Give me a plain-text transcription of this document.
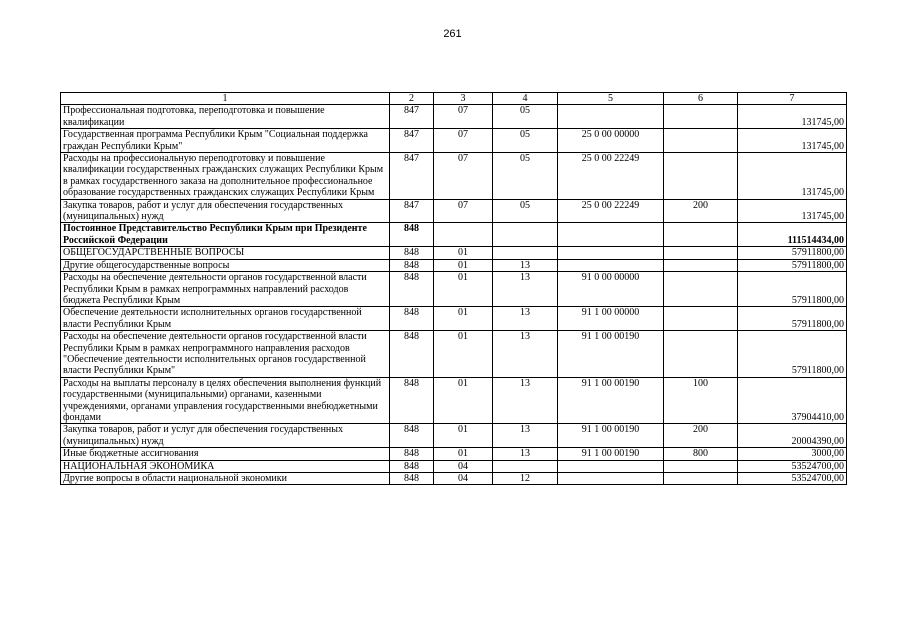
261
1	2	3	4	5	6	7
Профессиональная подготовка, переподготовка и повышение квалификации	847	07	05			131745,00
Государственная программа Республики Крым "Социальная поддержка граждан Республики Крым"	847	07	05	25 0 00 00000		131745,00
Расходы на профессиональную переподготовку и повышение квалификации государственных гражданских служащих Республики Крым в рамках государственного заказа на дополнительное профессиональное образование государственных гражданских служащих Республики Крым	847	07	05	25 0 00 22249		131745,00
Закупка товаров, работ и услуг для обеспечения государственных (муниципальных) нужд	847	07	05	25 0 00 22249	200	131745,00
Постоянное Представительство Республики Крым при Президенте Российской Федерации	848					111514434,00
ОБЩЕГОСУДАРСТВЕННЫЕ ВОПРОСЫ	848	01				57911800,00
Другие общегосударственные вопросы	848	01	13			57911800,00
Расходы на обеспечение деятельности органов государственной власти Республики Крым в рамках непрограммных направлений расходов бюджета Республики Крым	848	01	13	91 0 00 00000		57911800,00
Обеспечение деятельности исполнительных органов государственной власти Республики Крым	848	01	13	91 1 00 00000		57911800,00
Расходы на обеспечение деятельности органов государственной власти Республики Крым в рамках непрограммного направления расходов "Обеспечение деятельности исполнительных органов государственной власти Республики Крым"	848	01	13	91 1 00 00190		57911800,00
Расходы на выплаты персоналу в целях обеспечения выполнения функций государственными (муниципальными) органами, казенными учреждениями, органами управления государственными внебюджетными фондами	848	01	13	91 1 00 00190	100	37904410,00
Закупка товаров, работ и услуг для обеспечения государственных (муниципальных) нужд	848	01	13	91 1 00 00190	200	20004390,00
Иные бюджетные ассигнования	848	01	13	91 1 00 00190	800	3000,00
НАЦИОНАЛЬНАЯ ЭКОНОМИКА	848	04				53524700,00
Другие вопросы в области национальной экономики	848	04	12			53524700,00
